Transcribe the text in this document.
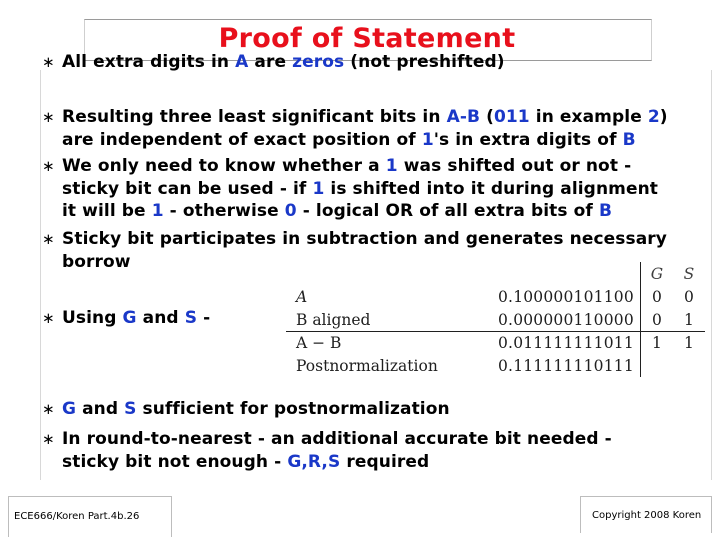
Proof of Statement
∗ All extra digits in A are zeros (not preshifted)
∗ Resulting three least significant bits in A-B (011 in example 2)
are independent of exact position of 1's in extra digits of B
∗ We only need to know whether a 1 was shifted out or not -
sticky bit can be used - if 1 is shifted into it during alignment
it will be 1 - otherwise 0 - logical OR of all extra bits of B
∗ Sticky bit participates in subtraction and generates necessary
borrow
∗ Using G and S -
		G	S
A	0.100000101100	0	0
B aligned	0.000000110000	0	1
A − B	0.011111111011	1	1
Postnormalization	0.111111110111		
∗ G and S sufficient for postnormalization
∗ In round-to-nearest - an additional accurate bit needed -
sticky bit not enough - G,R,S required
ECE666/Koren Part.4b.26	Copyright 2008 Koren
